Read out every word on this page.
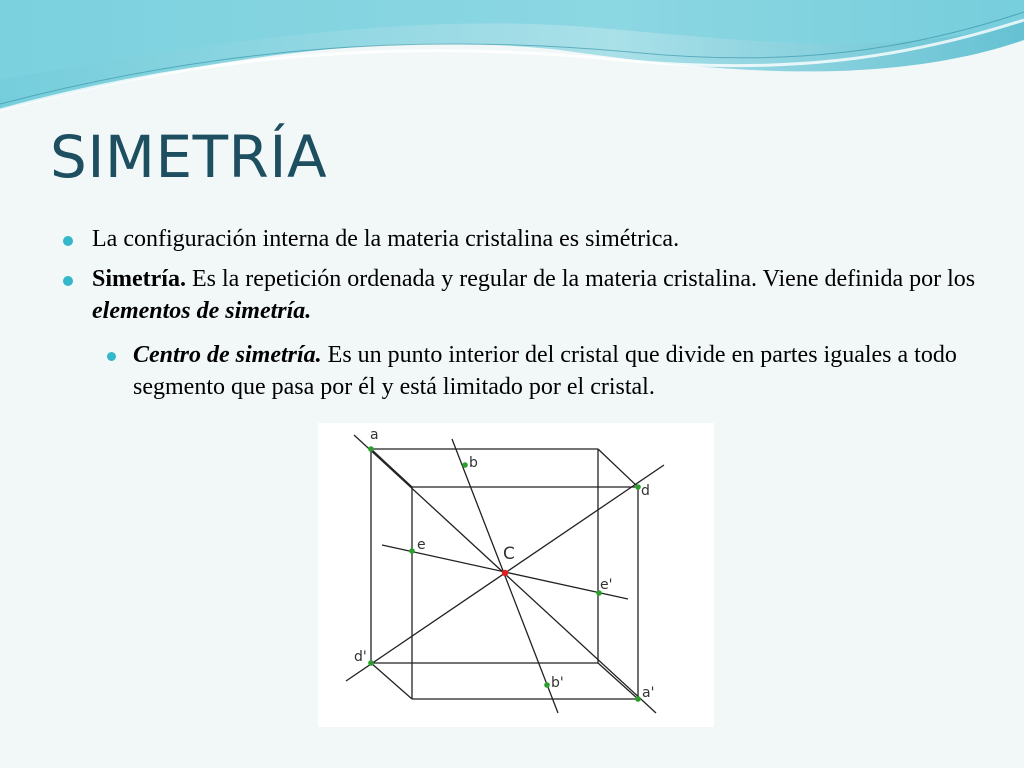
SIMETRÍA
La configuración interna de la materia cristalina es simétrica.
Simetría. Es la repetición ordenada y regular de la materia cristalina. Viene definida por los elementos de simetría.
Centro de simetría. Es un punto interior del cristal que divide en partes iguales a todo segmento que pasa por él y está limitado por el cristal.
a
b
d
e	C
e'
d'
b'
a'
